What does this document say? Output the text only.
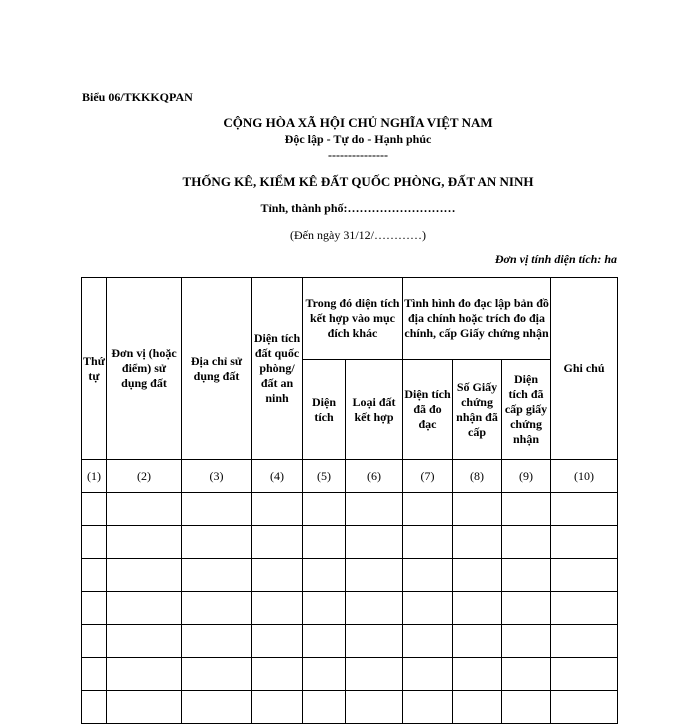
Biểu 06/TKKKQPAN
CỘNG HÒA XÃ HỘI CHỦ NGHĨA VIỆT NAM
Độc lập - Tự do - Hạnh phúc
---------------
THỐNG KÊ, KIỂM KÊ ĐẤT QUỐC PHÒNG, ĐẤT AN NINH
Tỉnh, thành phố:………………………
(Đến ngày 31/12/…………)
Đơn vị tính diện tích: ha
Thứ tự	Đơn vị (hoặc điểm) sử dụng đất	Địa chỉ sử dụng đất	Diện tích đất quốc phòng/ đất an ninh	Trong đó diện tích kết hợp vào mục đích khác		Tình hình đo đạc lập bản đồ địa chính hoặc trích đo địa chính, cấp Giấy chứng nhận			Ghi chú
				Diện tích	Loại đất kết hợp	Diện tích đã đo đạc	Số Giấy chứng nhận đã cấp	Diện tích đã cấp giấy chứng nhận	
(1)	(2)	(3)	(4)	(5)	(6)	(7)	(8)	(9)	(10)
